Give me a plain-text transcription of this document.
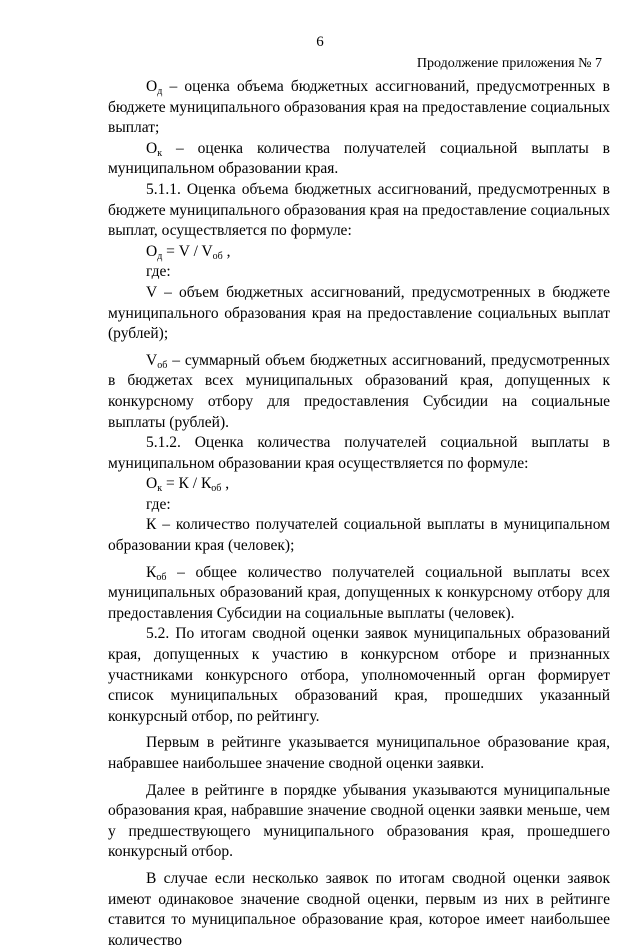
6
Продолжение приложения № 7

$О_д$ – оценка объема бюджетных ассигнований, предусмотренных в бюджете муниципального образования края на предоставление социальных выплат;

$О_к$ – оценка количества получателей социальной выплаты в муниципальном образовании края.

5.1.1. Оценка объема бюджетных ассигнований, предусмотренных в бюджете муниципального образования края на предоставление социальных выплат, осуществляется по формуле:

$О_д = V / V_{об}$ ,

где:

V – объем бюджетных ассигнований, предусмотренных в бюджете муниципального образования края на предоставление социальных выплат (рублей);

$V_{об}$ – суммарный объем бюджетных ассигнований, предусмотренных в бюджетах всех муниципальных образований края, допущенных к конкурсному отбору для предоставления Субсидии на социальные выплаты (рублей).

5.1.2. Оценка количества получателей социальной выплаты в муниципальном образовании края осуществляется по формуле:

$О_к = К / К_{об}$ ,

где:

К – количество получателей социальной выплаты в муниципальном образовании края (человек);

$К_{об}$ – общее количество получателей социальной выплаты всех муниципальных образований края, допущенных к конкурсному отбору для предоставления Субсидии на социальные выплаты (человек).

5.2. По итогам сводной оценки заявок муниципальных образований края, допущенных к участию в конкурсном отборе и признанных участниками конкурсного отбора, уполномоченный орган формирует список муниципальных образований края, прошедших указанный конкурсный отбор, по рейтингу.

Первым в рейтинге указывается муниципальное образование края, набравшее наибольшее значение сводной оценки заявки.

Далее в рейтинге в порядке убывания указываются муниципальные образования края, набравшие значение сводной оценки заявки меньше, чем у предшествующего муниципального образования края, прошедшего конкурсный отбор.

В случае если несколько заявок по итогам сводной оценки заявок имеют одинаковое значение сводной оценки, первым из них в рейтинге ставится то муниципальное образование края, которое имеет наибольшее количество
